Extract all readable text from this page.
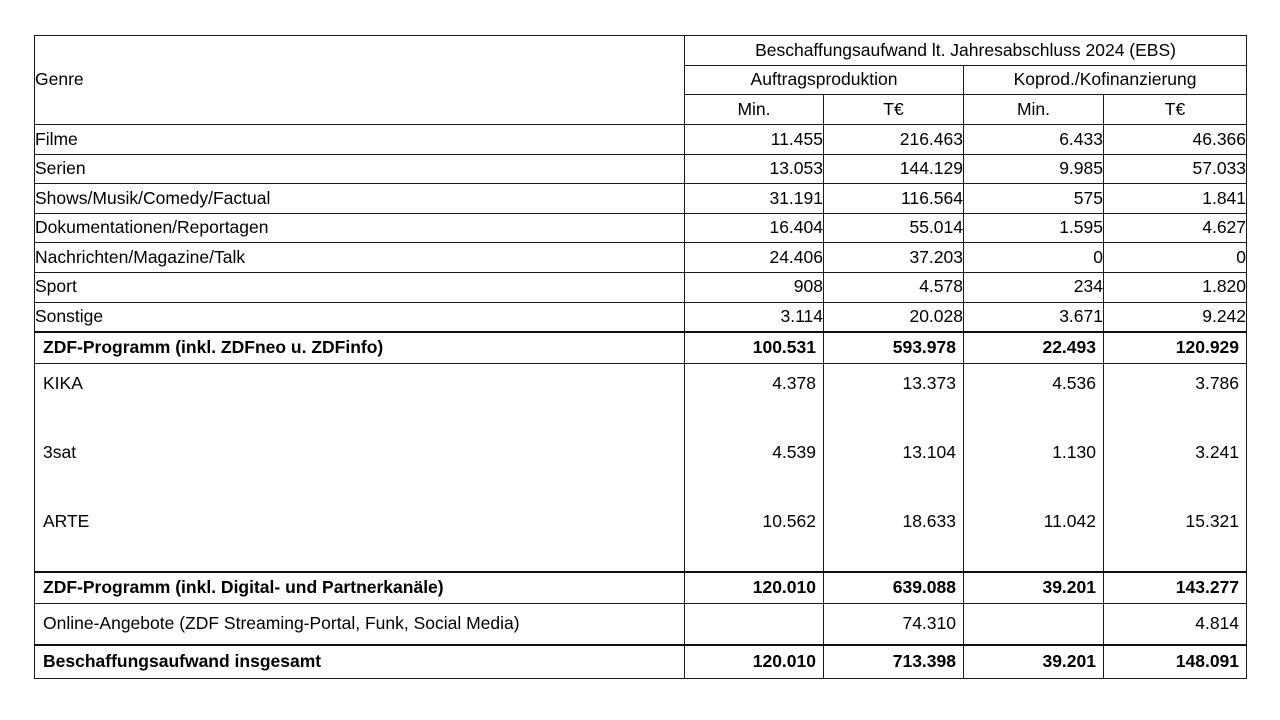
Genre	Beschaffungsaufwand lt. Jahresabschluss 2024 (EBS)			
	Auftragsproduktion		Koprod./Kofinanzierung	
	Min.	T€	Min.	T€
Filme	11.455	216.463	6.433	46.366
Serien	13.053	144.129	9.985	57.033
Shows/Musik/Comedy/Factual	31.191	116.564	575	1.841
Dokumentationen/Reportagen	16.404	55.014	1.595	4.627
Nachrichten/Magazine/Talk	24.406	37.203	0	0
Sport	908	4.578	234	1.820
Sonstige	3.114	20.028	3.671	9.242
ZDF-Programm (inkl. ZDFneo u. ZDFinfo)	100.531	593.978	22.493	120.929
KIKA	4.378	13.373	4.536	3.786
3sat	4.539	13.104	1.130	3.241
ARTE	10.562	18.633	11.042	15.321
ZDF-Programm (inkl. Digital- und Partnerkanäle)	120.010	639.088	39.201	143.277
Online-Angebote (ZDF Streaming-Portal, Funk, Social Media)		74.310		4.814
Beschaffungsaufwand insgesamt	120.010	713.398	39.201	148.091
